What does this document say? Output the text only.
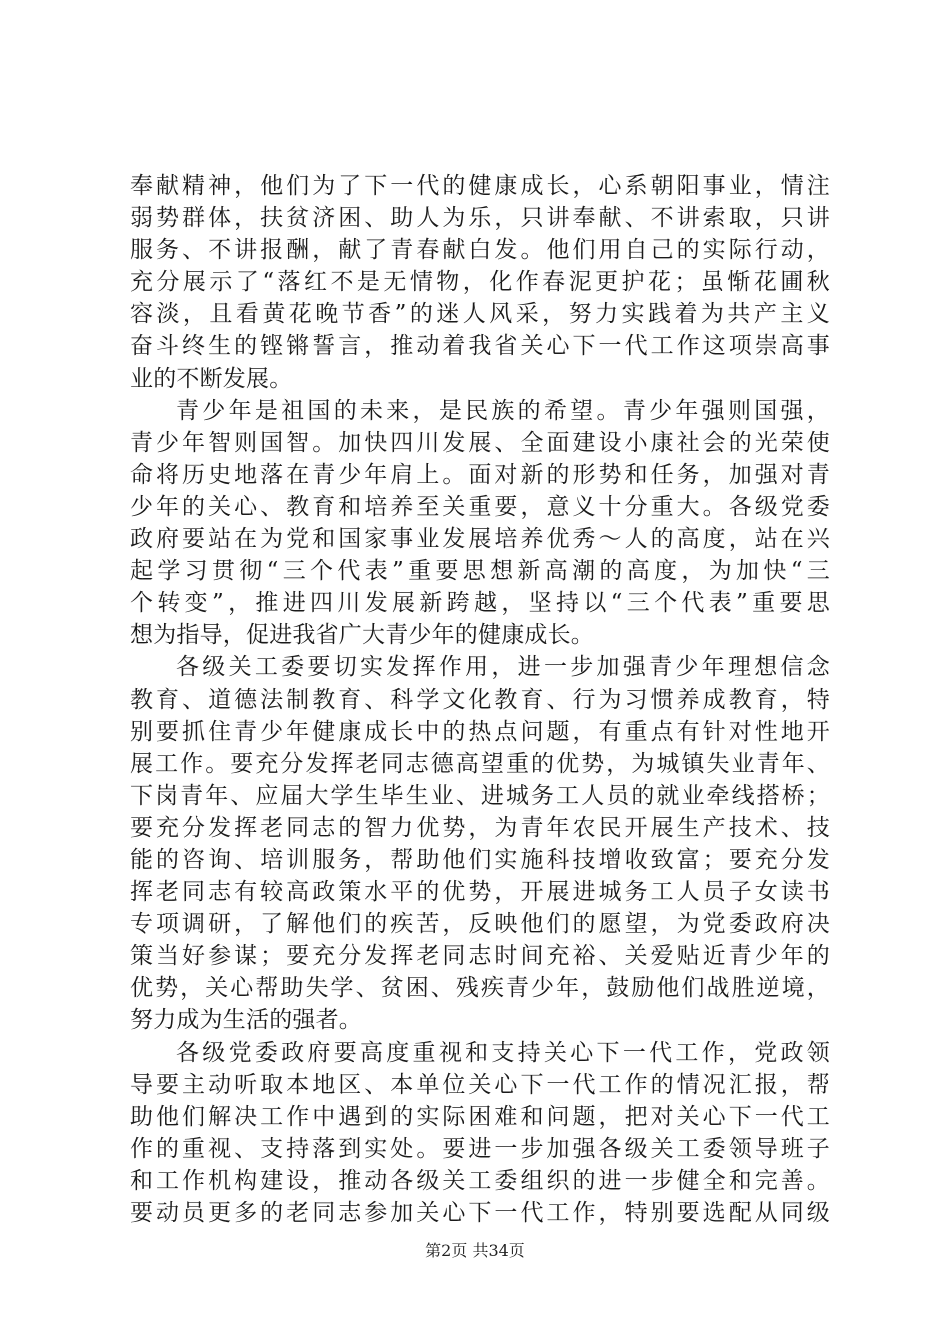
奉献精神，他们为了下一代的健康成长，心系朝阳事业，情注
弱势群体，扶贫济困、助人为乐，只讲奉献、不讲索取，只讲
服务、不讲报酬，献了青春献白发。他们用自己的实际行动，
充分展示了“落红不是无情物，化作春泥更护花；虽惭花圃秋
容淡，且看黄花晚节香”的迷人风采，努力实践着为共产主义
奋斗终生的铿锵誓言，推动着我省关心下一代工作这项崇高事
业的不断发展。
青少年是祖国的未来，是民族的希望。青少年强则国强，
青少年智则国智。加快四川发展、全面建设小康社会的光荣使
命将历史地落在青少年肩上。面对新的形势和任务，加强对青
少年的关心、教育和培养至关重要，意义十分重大。各级党委
政府要站在为党和国家事业发展培养优秀～人的高度，站在兴
起学习贯彻“三个代表”重要思想新高潮的高度，为加快“三
个转变”，推进四川发展新跨越，坚持以“三个代表”重要思
想为指导，促进我省广大青少年的健康成长。
各级关工委要切实发挥作用，进一步加强青少年理想信念
教育、道德法制教育、科学文化教育、行为习惯养成教育，特
别要抓住青少年健康成长中的热点问题，有重点有针对性地开
展工作。要充分发挥老同志德高望重的优势，为城镇失业青年、
下岗青年、应届大学生毕生业、进城务工人员的就业牵线搭桥；
要充分发挥老同志的智力优势，为青年农民开展生产技术、技
能的咨询、培训服务，帮助他们实施科技增收致富；要充分发
挥老同志有较高政策水平的优势，开展进城务工人员子女读书
专项调研，了解他们的疾苦，反映他们的愿望，为党委政府决
策当好参谋；要充分发挥老同志时间充裕、关爱贴近青少年的
优势，关心帮助失学、贫困、残疾青少年，鼓励他们战胜逆境，
努力成为生活的强者。
各级党委政府要高度重视和支持关心下一代工作，党政领
导要主动听取本地区、本单位关心下一代工作的情况汇报，帮
助他们解决工作中遇到的实际困难和问题，把对关心下一代工
作的重视、支持落到实处。要进一步加强各级关工委领导班子
和工作机构建设，推动各级关工委组织的进一步健全和完善。
要动员更多的老同志参加关心下一代工作，特别要选配从同级
第2页 共34页
